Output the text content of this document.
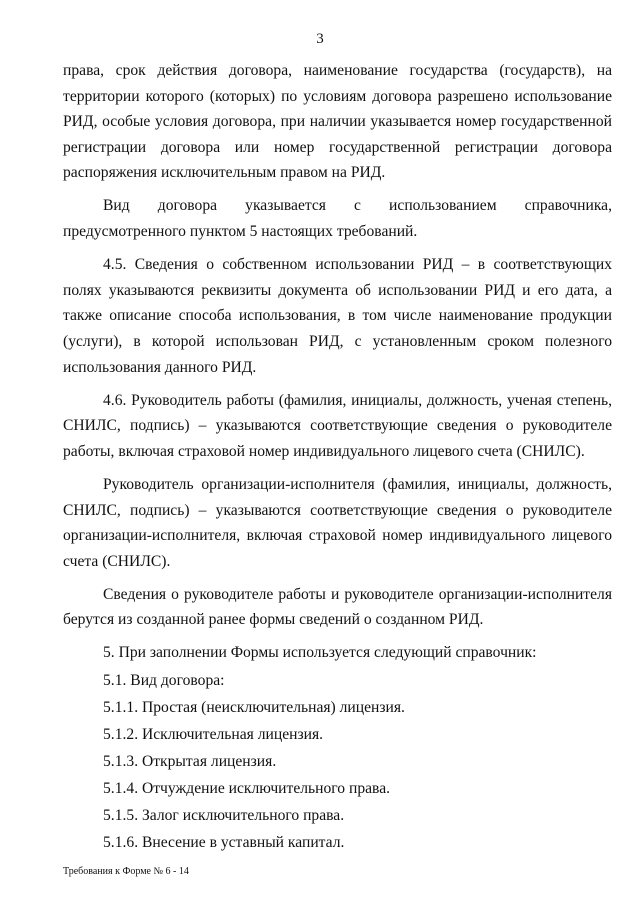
3

права, срок действия договора, наименование государства (государств), на территории которого (которых) по условиям договора разрешено использование РИД, особые условия договора, при наличии указывается номер государственной регистрации договора или номер государственной регистрации договора распоряжения исключительным правом на РИД.

Вид договора указывается с использованием справочника, предусмотренного пунктом 5 настоящих требований.

4.5. Сведения о собственном использовании РИД – в соответствующих полях указываются реквизиты документа об использовании РИД и его дата, а также описание способа использования, в том числе наименование продукции (услуги), в которой использован РИД, с установленным сроком полезного использования данного РИД.

4.6. Руководитель работы (фамилия, инициалы, должность, ученая степень, СНИЛС, подпись) – указываются соответствующие сведения о руководителе работы, включая страховой номер индивидуального лицевого счета (СНИЛС).

Руководитель организации-исполнителя (фамилия, инициалы, должность, СНИЛС, подпись) – указываются соответствующие сведения о руководителе организации-исполнителя, включая страховой номер индивидуального лицевого счета (СНИЛС).

Сведения о руководителе работы и руководителе организации-исполнителя берутся из созданной ранее формы сведений о созданном РИД.

5. При заполнении Формы используется следующий справочник:

5.1. Вид договора:

5.1.1. Простая (неисключительная) лицензия.

5.1.2. Исключительная лицензия.

5.1.3. Открытая лицензия.

5.1.4. Отчуждение исключительного права.

5.1.5. Залог исключительного права.

5.1.6. Внесение в уставный капитал.

Требования к Форме № 6 - 14
